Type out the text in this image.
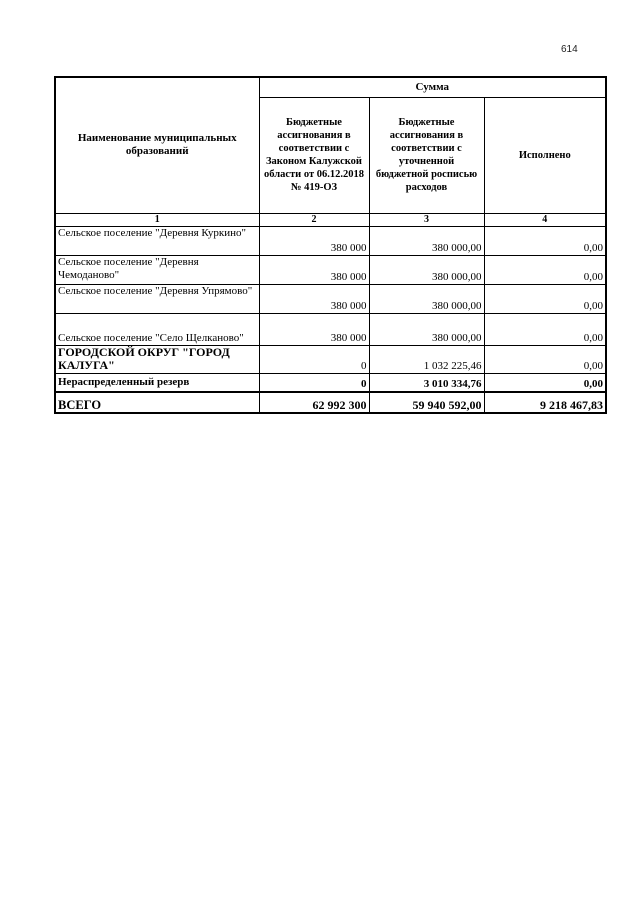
614
Наименование муниципальных образований	Сумма		
	Бюджетные ассигнования в соответствии с Законом Калужской области от 06.12.2018 № 419-ОЗ	Бюджетные ассигнования в соответствии с уточненной бюджетной росписью расходов	Исполнено
1	2	3	4
Сельское поселение "Деревня Куркино"	380 000	380 000,00	0,00
Сельское поселение "Деревня Чемоданово"	380 000	380 000,00	0,00
Сельское поселение "Деревня Упрямово"	380 000	380 000,00	0,00
Сельское поселение "Село Щелканово"	380 000	380 000,00	0,00
ГОРОДСКОЙ ОКРУГ "ГОРОД КАЛУГА"	0	1 032 225,46	0,00
Нераспределенный резерв	0	3 010 334,76	0,00
ВСЕГО	62 992 300	59 940 592,00	9 218 467,83
